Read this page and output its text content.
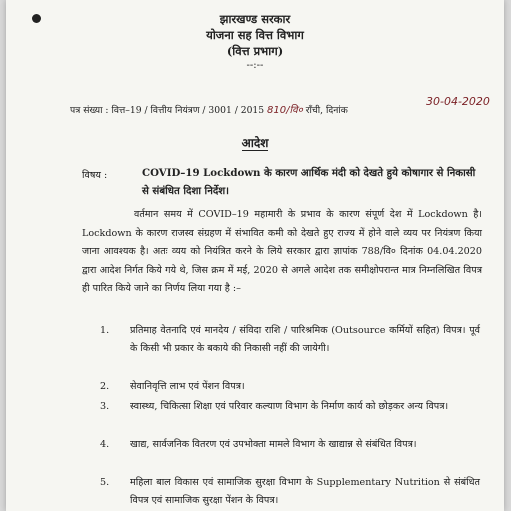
झारखण्ड सरकार
योजना सह वित्त विभाग
(वित्त प्रभाग)
--:--
पत्र संख्या : वित्त–19 / वित्तीय नियंत्रण / 3001 / 2015 810/वि० राँची, दिनांक
30-04-2020
आदेश
विषय :	COVID–19 Lockdown के कारण आर्थिक मंदी को देखते हुये कोषागार से निकासी से संबंधित दिशा निर्देश।
वर्तमान समय में COVID–19 महामारी के प्रभाव के कारण संपूर्ण देश में Lockdown है। Lockdown के कारण राजस्व संग्रहण में संभावित कमी को देखते हुए राज्य में होने वाले व्यय पर नियंत्रण किया जाना आवश्यक है। अतः व्यय को नियंत्रित करने के लिये सरकार द्वारा ज्ञापांक 788/वि० दिनांक 04.04.2020 द्वारा आदेश निर्गत किये गये थे, जिस क्रम में मई, 2020 से अगले आदेश तक समीक्षोपरान्त मात्र निम्नलिखित विपत्र ही पारित किये जाने का निर्णय लिया गया है :–
1.	प्रतिमाह वेतनादि एवं मानदेय / संविदा राशि / पारिश्रमिक (Outsource कर्मियों सहित) विपत्र। पूर्व के किसी भी प्रकार के बकाये की निकासी नहीं की जायेगी।
2.	सेवानिवृत्ति लाभ एवं पेंशन विपत्र।
3.	स्वास्थ्य, चिकित्सा शिक्षा एवं परिवार कल्याण विभाग के निर्माण कार्य को छोड़कर अन्य विपत्र।
4.	खाद्य, सार्वजनिक वितरण एवं उपभोक्ता मामले विभाग के खाद्यान्न से संबंधित विपत्र।
5.	महिला बाल विकास एवं सामाजिक सुरक्षा विभाग के Supplementary Nutrition से संबंधित विपत्र एवं सामाजिक सुरक्षा पेंशन के विपत्र।
